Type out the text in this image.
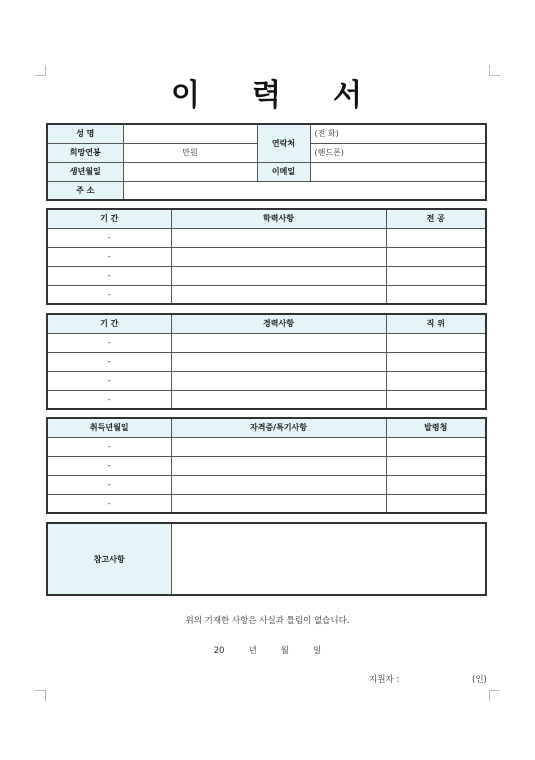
이 력 서
성 명		연락처	(전 화)
희망연봉	만원		(핸드폰)
생년월일		이메일	
주 소			
기 간	학력사항	전 공
-		
-		
-		
-		
기 간	경력사항	직 위
-		
-		
-		
-		
취득년월일	자격증/특기사항	발령청
-		
-		
-		
-		
참고사항	
위의 기재한 사항은 사실과 틀림이 없습니다.
20	년	월	일
지원자 :	(인)
